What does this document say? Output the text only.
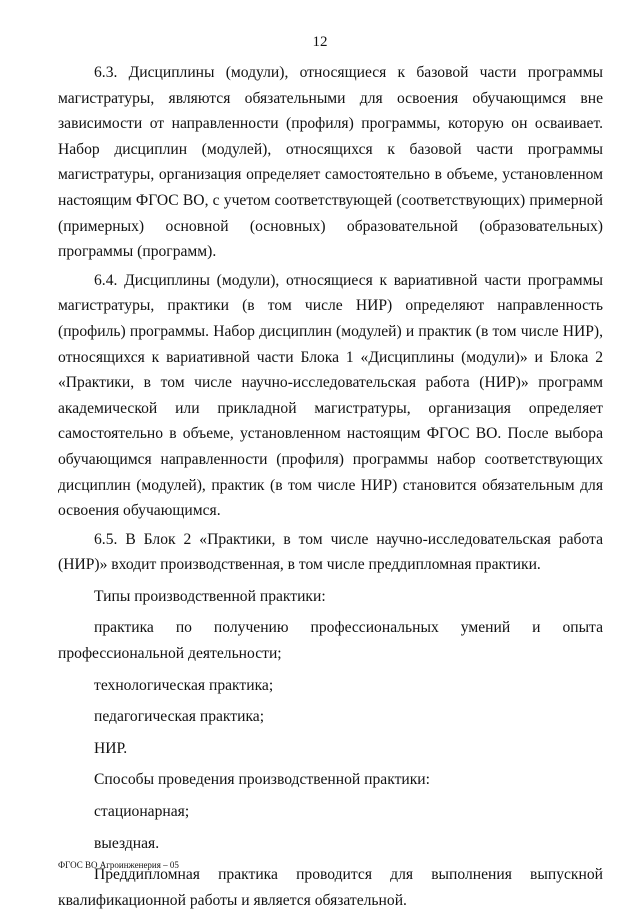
12

6.3. Дисциплины (модули), относящиеся к базовой части программы магистратуры, являются обязательными для освоения обучающимся вне зависимости от направленности (профиля) программы, которую он осваивает. Набор дисциплин (модулей), относящихся к базовой части программы магистратуры, организация определяет самостоятельно в объеме, установленном настоящим ФГОС ВО, с учетом соответствующей (соответствующих) примерной (примерных) основной (основных) образовательной (образовательных) программы (программ).

6.4. Дисциплины (модули), относящиеся к вариативной части программы магистратуры, практики (в том числе НИР) определяют направленность (профиль) программы. Набор дисциплин (модулей) и практик (в том числе НИР), относящихся к вариативной части Блока 1 «Дисциплины (модули)» и Блока 2 «Практики, в том числе научно-исследовательская работа (НИР)» программ академической или прикладной магистратуры, организация определяет самостоятельно в объеме, установленном настоящим ФГОС ВО. После выбора обучающимся направленности (профиля) программы набор соответствующих дисциплин (модулей), практик (в том числе НИР) становится обязательным для освоения обучающимся.

6.5. В Блок 2 «Практики, в том числе научно-исследовательская работа (НИР)» входит производственная, в том числе преддипломная практики.

Типы производственной практики:

практика по получению профессиональных умений и опыта профессиональной деятельности;

технологическая практика;

педагогическая практика;

НИР.

Способы проведения производственной практики:

стационарная;

выездная.

Преддипломная практика проводится для выполнения выпускной квалификационной работы и является обязательной.

ФГОС ВО Агроинженерия – 05
